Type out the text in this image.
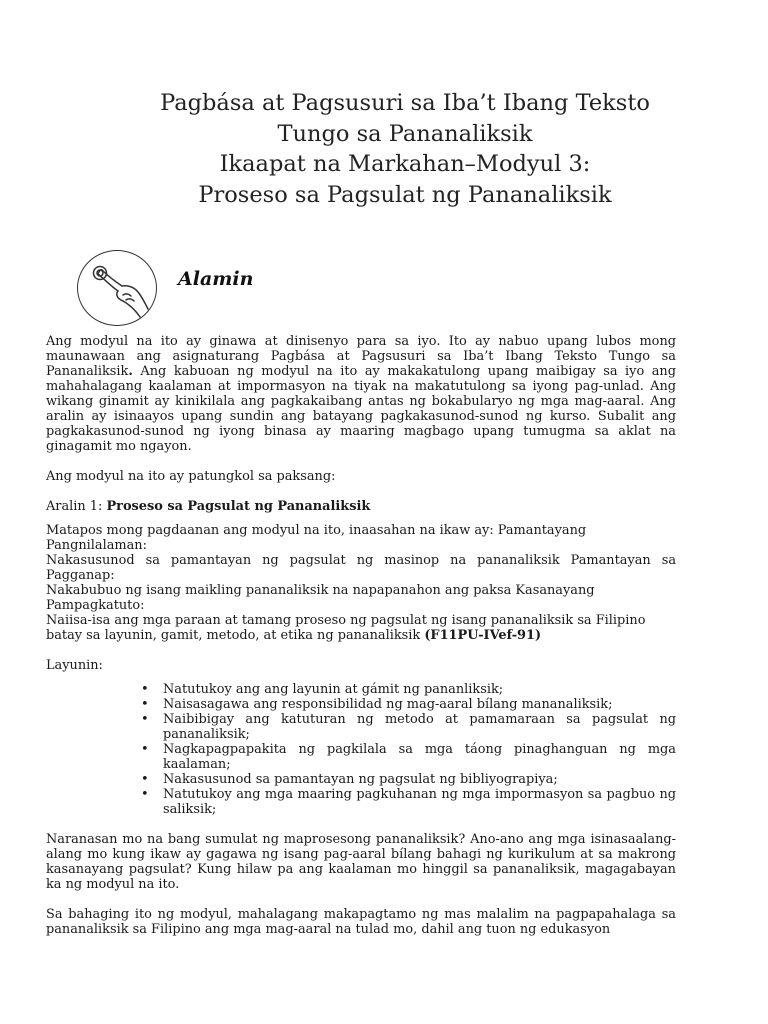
Pagbása at Pagsusuri sa Iba’t Ibang Teksto
Tungo sa Pananaliksik
Ikaapat na Markahan–Modyul 3:
Proseso sa Pagsulat ng Pananaliksik
Alamin

Ang modyul na ito ay ginawa at dinisenyo para sa iyo. Ito ay nabuo upang lubos mong maunawaan ang asignaturang Pagbása at Pagsusuri sa Iba’t Ibang Teksto Tungo sa Pananaliksik. Ang kabuoan ng modyul na ito ay makakatulong upang maibigay sa iyo ang mahahalagang kaalaman at impormasyon na tiyak na makatutulong sa iyong pag-unlad. Ang wikang ginamit ay kinikilala ang pagkakaibang antas ng bokabularyo ng mga mag-aaral. Ang aralin ay isinaayos upang sundin ang batayang pagkakasunod-sunod ng kurso. Subalit ang pagkakasunod-sunod ng iyong binasa ay maaring magbago upang tumugma sa aklat na ginagamit mo ngayon.

Ang modyul na ito ay patungkol sa paksang:

Aralin 1: Proseso sa Pagsulat ng Pananaliksik

Matapos mong pagdaanan ang modyul na ito, inaasahan na ikaw ay: Pamantayang Pangnilalaman:

Nakasusunod sa pamantayan ng pagsulat ng masinop na pananaliksik Pamantayan sa Pagganap:

Nakabubuo ng isang maikling pananaliksik na napapanahon ang paksa Kasanayang Pampagkatuto:

Naiisa-isa ang mga paraan at tamang proseso ng pagsulat ng isang pananaliksik sa Filipino batay sa layunin, gamit, metodo, at etika ng pananaliksik (F11PU-IVef-91)

Layunin:

• Natutukoy ang ang layunin at gámit ng pananliksik;
• Naisasagawa ang responsibilidad ng mag-aaral bílang mananaliksik;
• Naibibigay ang katuturan ng metodo at pamamaraan sa pagsulat ng pananaliksik;
• Nagkapagpapakita ng pagkilala sa mga táong pinaghanguan ng mga kaalaman;
• Nakasusunod sa pamantayan ng pagsulat ng bibliyograpiya;
• Natutukoy ang mga maaring pagkuhanan ng mga impormasyon sa pagbuo ng saliksik;

Naranasan mo na bang sumulat ng maprosesong pananaliksik? Ano-ano ang mga isinasaalang-alang mo kung ikaw ay gagawa ng isang pag-aaral bílang bahagi ng kurikulum at sa makrong kasanayang pagsulat? Kung hilaw pa ang kaalaman mo hinggil sa pananaliksik, magagabayan ka ng modyul na ito.

Sa bahaging ito ng modyul, mahalagang makapagtamo ng mas malalim na pagpapahalaga sa pananaliksik sa Filipino ang mga mag-aaral na tulad mo, dahil ang tuon ng edukasyon
